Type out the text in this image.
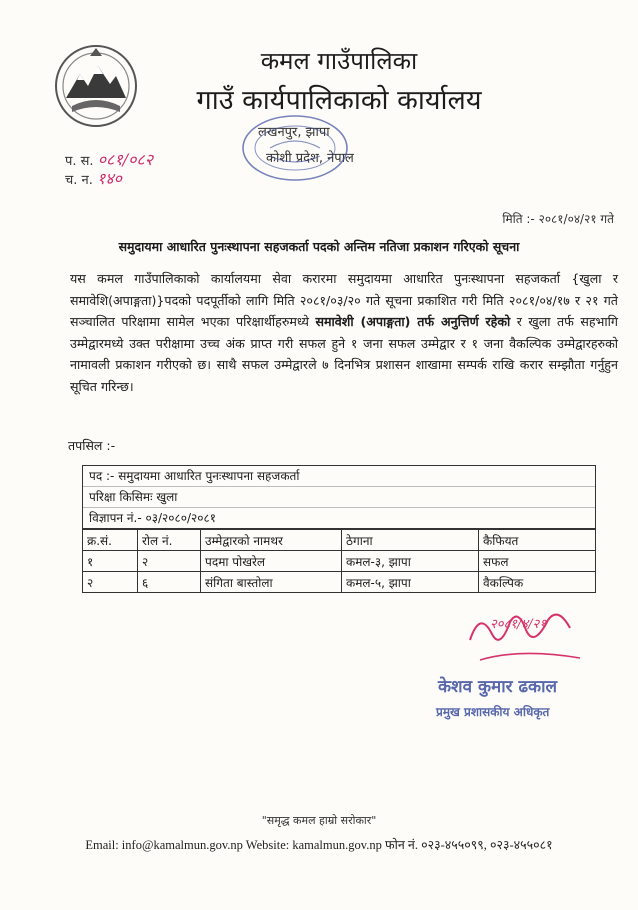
कमल गाउँपालिका
गाउँ कार्यपालिकाको कार्यालय
लखनपुर, झापा
कोशी प्रदेश, नेपाल
प. स. ०८१/०८२
च. न. १४०
मिति :- २०८१/०४/२१ गते
समुदायमा आधारित पुनःस्थापना सहजकर्ता पदको अन्तिम नतिजा प्रकाशन गरिएको सूचना
यस कमल गाउँपालिकाको कार्यालयमा सेवा करारमा समुदायमा आधारित पुनःस्थापना सहजकर्ता {खुला र समावेशि(अपाङ्गता)}पदको पदपूर्तीको लागि मिति २०८१/०३/२० गते सूचना प्रकाशित गरी मिति २०८१/०४/१७ र २१ गते सञ्चालित परिक्षामा सामेल भएका परिक्षार्थीहरुमध्ये समावेशी (अपाङ्गता) तर्फ अनुत्तिर्ण रहेको र खुला तर्फ सहभागि उम्मेद्वारमध्ये उक्त परीक्षामा उच्च अंक प्राप्त गरी सफल हुने १ जना सफल उम्मेद्वार र १ जना वैकल्पिक उम्मेद्वारहरुको नामावली प्रकाशन गरीएको छ। साथै सफल उम्मेद्वारले ७ दिनभित्र प्रशासन शाखामा सम्पर्क राखि करार सम्झौता गर्नुहुन सूचित गरिन्छ।
तपसिल :-
पद :- समुदायमा आधारित पुनःस्थापना सहजकर्ता
परिक्षा किसिमः खुला
विज्ञापन नं.- ०३/२०८०/२०८१
क्र.सं.	रोल नं.	उम्मेद्वारको नामथर	ठेगाना	कैफियत
१	२	पदमा पोखरेल	कमल-३, झापा	सफल
२	६	संगिता बास्तोला	कमल-५, झापा	वैकल्पिक
२०८१/४/२१
केशव कुमार ढकाल
प्रमुख प्रशासकीय अधिकृत
"समृद्ध कमल हाम्रो सरोकार"
Email: info@kamalmun.gov.np Website: kamalmun.gov.np फोन नं. ०२३-४५५०९९, ०२३-४५५०८१
